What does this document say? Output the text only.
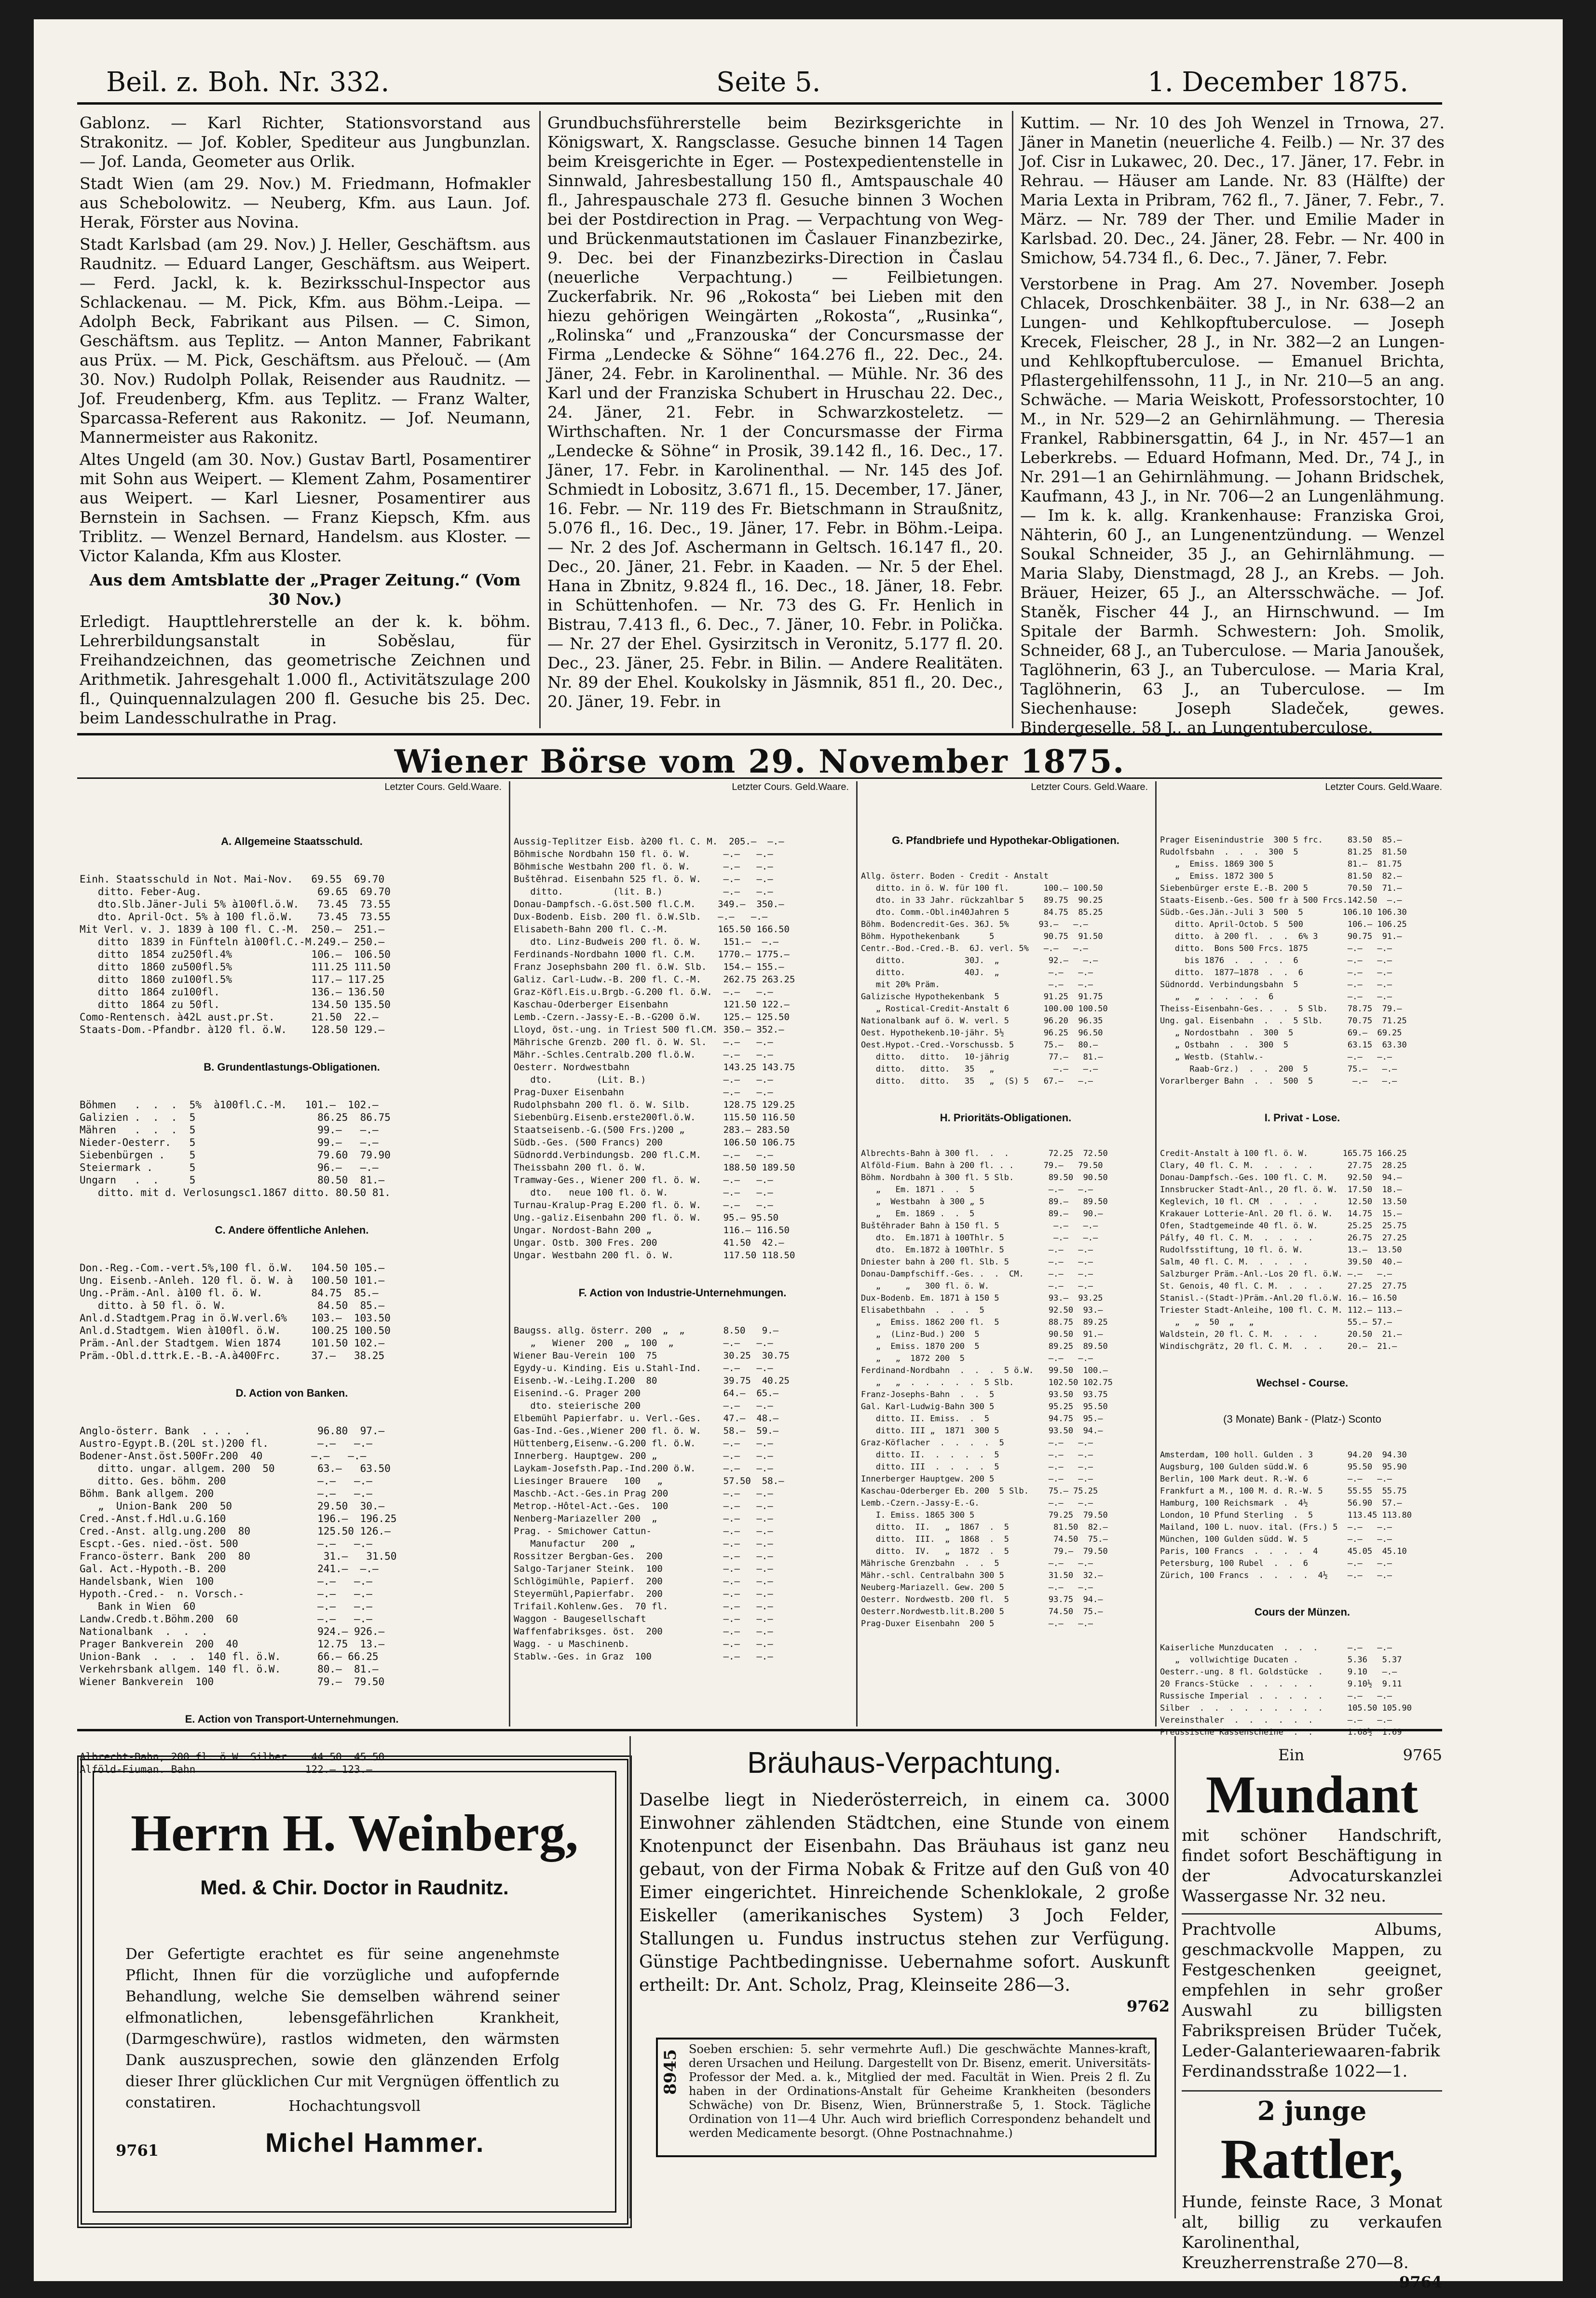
Beil. z. Boh. Nr. 332.	Seite 5.	1. December 1875.

Gablonz. — Karl Richter, Stationsvorstand aus Strakonitz. — Jof. Kobler, Spediteur aus Jungbunzlan. — Jof. Landa, Geometer aus Orlik.

Stadt Wien (am 29. Nov.) M. Friedmann, Hofmakler aus Schebolowitz. — Neuberg, Kfm. aus Laun. Jof. Herak, Förster aus Novina.

Stadt Karlsbad (am 29. Nov.) J. Heller, Geschäftsm. aus Raudnitz. — Eduard Langer, Geschäftsm. aus Weipert. — Ferd. Jackl, k. k. Bezirksschul-Inspector aus Schlackenau. — M. Pick, Kfm. aus Böhm.-Leipa. — Adolph Beck, Fabrikant aus Pilsen. — C. Simon, Geschäftsm. aus Teplitz. — Anton Manner, Fabrikant aus Prüx. — M. Pick, Geschäftsm. aus Přelouč. — (Am 30. Nov.) Rudolph Pollak, Reisender aus Raudnitz. — Jof. Freudenberg, Kfm. aus Teplitz. — Franz Walter, Sparcassa-Referent aus Rakonitz. — Jof. Neumann, Mannermeister aus Rakonitz.

Altes Ungeld (am 30. Nov.) Gustav Bartl, Posamentirer mit Sohn aus Weipert. — Klement Zahm, Posamentirer aus Weipert. — Karl Liesner, Posamentirer aus Bernstein in Sachsen. — Franz Kiepsch, Kfm. aus Triblitz. — Wenzel Bernard, Handelsm. aus Kloster. — Victor Kalanda, Kfm aus Kloster.

Aus dem Amtsblatte der „Prager Zeitung.“ (Vom 30 Nov.)

Erledigt. Haupttlehrerstelle an der k. k. böhm. Lehrerbildungsanstalt in Soběslau, für Freihandzeichnen, das geometrische Zeichnen und Arithmetik. Jahresgehalt 1.000 fl., Activitätszulage 200 fl., Quinquennalzulagen 200 fl. Gesuche bis 25. Dec. beim Landesschulrathe in Prag.

Grundbuchsführerstelle beim Bezirksgerichte in Königswart, X. Rangsclasse. Gesuche binnen 14 Tagen beim Kreisgerichte in Eger. — Postexpedientenstelle in Sinnwald, Jahresbestallung 150 fl., Amtspauschale 40 fl., Jahrespauschale 273 fl. Gesuche binnen 3 Wochen bei der Postdirection in Prag. — Verpachtung von Weg- und Brückenmautstationen im Časlauer Finanzbezirke, 9. Dec. bei der Finanzbezirks-Direction in Časlau (neuerliche Verpachtung.) — Feilbietungen. Zuckerfabrik. Nr. 96 „Rokosta“ bei Lieben mit den hiezu gehörigen Weingärten „Rokosta“, „Rusinka“, „Rolinska“ und „Franzouska“ der Concursmasse der Firma „Lendecke & Söhne“ 164.276 fl., 22. Dec., 24. Jäner, 24. Febr. in Karolinenthal. — Mühle. Nr. 36 des Karl und der Franziska Schubert in Hruschau 22. Dec., 24. Jäner, 21. Febr. in Schwarzkosteletz. — Wirthschaften. Nr. 1 der Concursmasse der Firma „Lendecke & Söhne“ in Prosik, 39.142 fl., 16. Dec., 17. Jäner, 17. Febr. in Karolinenthal. — Nr. 145 des Jof. Schmiedt in Lobositz, 3.671 fl., 15. December, 17. Jäner, 16. Febr. — Nr. 119 des Fr. Bietschmann in Straußnitz, 5.076 fl., 16. Dec., 19. Jäner, 17. Febr. in Böhm.-Leipa. — Nr. 2 des Jof. Aschermann in Geltsch. 16.147 fl., 20. Dec., 20. Jäner, 21. Febr. in Kaaden. — Nr. 5 der Ehel. Hana in Zbnitz, 9.824 fl., 16. Dec., 18. Jäner, 18. Febr. in Schüttenhofen. — Nr. 73 des G. Fr. Henlich in Bistrau, 7.413 fl., 6. Dec., 7. Jäner, 10. Febr. in Polička. — Nr. 27 der Ehel. Gysirzitsch in Veronitz, 5.177 fl. 20. Dec., 23. Jäner, 25. Febr. in Bilin. — Andere Realitäten. Nr. 89 der Ehel. Koukolsky in Jäsmnik, 851 fl., 20. Dec., 20. Jäner, 19. Febr. in

Kuttim. — Nr. 10 des Joh Wenzel in Trnowa, 27. Jäner in Manetin (neuerliche 4. Feilb.) — Nr. 37 des Jof. Cisr in Lukawec, 20. Dec., 17. Jäner, 17. Febr. in Rehrau. — Häuser am Lande. Nr. 83 (Hälfte) der Maria Lexta in Pribram, 762 fl., 7. Jäner, 7. Febr., 7. März. — Nr. 789 der Ther. und Emilie Mader in Karlsbad. 20. Dec., 24. Jäner, 28. Febr. — Nr. 400 in Smichow, 54.734 fl., 6. Dec., 7. Jäner, 7. Febr.

Verstorbene in Prag. Am 27. November. Joseph Chlacek, Droschkenbäiter. 38 J., in Nr. 638—2 an Lungen- und Kehlkopftuberculose. — Joseph Krecek, Fleischer, 28 J., in Nr. 382—2 an Lungen- und Kehlkopftuberculose. — Emanuel Brichta, Pflastergehilfenssohn, 11 J., in Nr. 210—5 an ang. Schwäche. — Maria Weiskott, Professorstochter, 10 M., in Nr. 529—2 an Gehirnlähmung. — Theresia Frankel, Rabbinersgattin, 64 J., in Nr. 457—1 an Leberkrebs. — Eduard Hofmann, Med. Dr., 74 J., in Nr. 291—1 an Gehirnlähmung. — Johann Bridschek, Kaufmann, 43 J., in Nr. 706—2 an Lungenlähmung. — Im k. k. allg. Krankenhause: Franziska Groi, Nähterin, 60 J., an Lungenentzündung. — Wenzel Soukal Schneider, 35 J., an Gehirnlähmung. — Maria Slaby, Dienstmagd, 28 J., an Krebs. — Joh. Bräuer, Heizer, 65 J., an Altersschwäche. — Jof. Staněk, Fischer 44 J., an Hirnschwund. — Im Spitale der Barmh. Schwestern: Joh. Smolik, Schneider, 68 J., an Tuberculose. — Maria Janoušek, Taglöhnerin, 63 J., an Tuberculose. — Maria Kral, Taglöhnerin, 63 J., an Tuberculose. — Im Siechenhause: Joseph Sladeček, gewes. Bindergeselle, 58 J., an Lungentuberculose.

Wiener Börse vom 29. November 1875.
Letzter Cours. Geld.Waare.

A. Allgemeine Staatsschuld.

Einh. Staatsschuld in Not. Mai-Nov.   69.55  69.70
ditto. Feber-Aug.                   69.65  69.70
dto.Slb.Jäner-Juli 5% à100fl.ö.W.   73.45  73.55
dto. April-Oct. 5% à 100 fl.ö.W.    73.45  73.55
Mit Verl. v. J. 1839 à 100 fl. C.-M.  250.—  251.—
ditto  1839 in Fünfteln à100fl.C.-M.249.— 250.—
ditto  1854 zu250fl.4%             106.—  106.50
ditto  1860 zu500fl.5%             111.25 111.50
ditto  1860 zu100fl.5%             117.— 117.25
ditto  1864 zu100fl.               136.— 136.50
ditto  1864 zu 50fl.               134.50 135.50
Como-Rentensch. à42L aust.pr.St.      21.50  22.—
Staats-Dom.-Pfandbr. à120 fl. ö.W.    128.50 129.—

B. Grundentlastungs-Obligationen.

Böhmen   .  .  .  5%  à100fl.C.-M.   101.—  102.—
Galizien .  .  .  5                    86.25  86.75
Mähren   .  .  .  5                    99.—   —.—
Nieder-Oesterr.   5                    99.—   —.—
Siebenbürgen .    5                    79.60  79.90
Steiermark .      5                    96.—   —.—
Ungarn   .  .     5                    80.50  81.—
ditto. mit d. Verlosungsc1.1867 ditto. 80.50 81.

C. Andere öffentliche Anlehen.

Don.-Reg.-Com.-vert.5%,100 fl. ö.W.   104.50 105.—
Ung. Eisenb.-Anleh. 120 fl. ö. W. à   100.50 101.—
Ung.-Präm.-Anl. à100 fl. ö. W.        84.75  85.—
ditto. à 50 fl. ö. W.               84.50  85.—
Anl.d.Stadtgem.Prag in ö.W.verl.6%    103.—  103.50
Anl.d.Stadtgem. Wien à100fl. ö.W.     100.25 100.50
Präm.-Anl.der Stadtgem. Wien 1874     101.50 102.—
Präm.-Obl.d.ttrk.E.-B.-A.à400Frc.     37.—   38.25

D. Action von Banken.

Anglo-österr. Bank  . . .  .           96.80  97.—
Austro-Egypt.B.(20L st.)200 fl.        —.—   —.—
Bodener-Anst.öst.500Fr.200  40        —.—   —.—
ditto. ungar. allgem. 200  50       63.—   63.50
ditto. Ges. böhm. 200               —.—   —.—
Böhm. Bank allgem. 200                 —.—   —.—
„  Union-Bank  200  50              29.50  30.—
Cred.-Anst.f.Hdl.u.G.160               196.—  196.25
Cred.-Anst. allg.ung.200  80           125.50 126.—
Escpt.-Ges. nied.-öst. 500             —.—   —.—
Franco-österr. Bank  200  80            31.—   31.50
Gal. Act.-Hypoth.-B. 200               241.—  —.—
Handelsbank, Wien  100                 —.—   —.—
Hypoth.-Cred.-  n. Vorsch.-            —.—   —.—
Bank in Wien  60                    —.—   —.—
Landw.Credb.t.Böhm.200  60             —.—   —.—
Nationalbank  .  .  .                  924.— 926.—
Prager Bankverein  200  40             12.75  13.—
Union-Bank  .  .  .  140 fl. ö.W.      66.— 66.25
Verkehrsbank allgem. 140 fl. ö.W.      80.—  81.—
Wiener Bankverein  100                 79.—  79.50

E. Action von Transport-Unternehmungen.

Albrecht-Bahn, 200 fl. ö.W. Silber    44.50  45.50
Alföld-Fiuman. Bahn                  122.— 123.—

Letzter Cours. Geld.Waare.

Aussig-Teplitzer Eisb. à200 fl. C. M.  205.—  —.—
Böhmische Nordbahn 150 fl. ö. W.      —.—   —.—
Böhmische Westbahn 200 fl. ö. W.      —.—   —.—
Buštěhrad. Eisenbahn 525 fl. ö. W.    —.—   —.—
ditto.         (lit. B.)           —.—   —.—
Donau-Dampfsch.-G.öst.500 fl.C.M.    349.—  350.—
Dux-Bodenb. Eisb. 200 fl. ö.W.Slb.   —.—   —.—
Elisabeth-Bahn 200 fl. C.-M.         165.50 166.50
dto. Linz-Budweis 200 fl. ö. W.    151.—  —.—
Ferdinands-Nordbahn 1000 fl. C.M.    1770.— 1775.—
Franz Josephsbahn 200 fl. ö.W. Slb.   154.— 155.—
Galiz. Carl-Ludw.-B. 200 fl. C.-M.    262.75 263.25
Graz-Köfl.Eis.u.Brgb.-G.200 fl. ö.W.  —.—   —.—
Kaschau-Oderberger Eisenbahn          121.50 122.—
Lemb.-Czern.-Jassy-E.-B.-G200 ö.W.    125.— 125.50
Lloyd, öst.-ung. in Triest 500 fl.CM. 350.— 352.—
Mährische Grenzb. 200 fl. ö. W. Sl.   —.—   —.—
Mähr.-Schles.Centralb.200 fl.ö.W.     —.—   —.—
Oesterr. Nordwestbahn                 143.25 143.75
dto.        (Lit. B.)              —.—   —.—
Prag-Duxer Eisenbahn                  —.—   —.—
Rudolphsbahn 200 fl. ö. W. Silb.      128.75 129.25
Siebenbürg.Eisenb.erste200fl.ö.W.     115.50 116.50
Staatseisenb.-G.(500 Frs.)200 „       283.— 283.50
Südb.-Ges. (500 Francs) 200           106.50 106.75
Südnordd.Verbindungsb. 200 fl.C.M.    —.—   —.—
Theissbahn 200 fl. ö. W.              188.50 189.50
Tramway-Ges., Wiener 200 fl. ö. W.    —.—   —.—
dto.   neue 100 fl. ö. W.          —.—   —.—
Turnau-Kralup-Prag E.200 fl. ö. W.    —.—   —.—
Ung.-galiz.Eisenbahn 200 fl. ö. W.    95.— 95.50
Ungar. Nordost-Bahn 200 „             116.— 116.50
Ungar. Ostb. 300 Fres. 200            41.50  42.—
Ungar. Westbahn 200 fl. ö. W.         117.50 118.50

F. Action von Industrie-Unternehmungen.

Baugss. allg. österr. 200  „  „       8.50   9.—
„   Wiener  200  „  100  „         —.—   —.—
Wiener Bau-Verein  100  75            30.25  30.75
Egydy-u. Kinding. Eis u.Stahl-Ind.    —.—   —.—
Eisenb.-W.-Leihg.I.200  80            39.75  40.25
Eisenind.-G. Prager 200               64.—  65.—
dto. steierische 200               —.—   —.—
Elbemühl Papierfabr. u. Verl.-Ges.    47.—  48.—
Gas-Ind.-Ges.,Wiener 200 fl. ö. W.    58.—  59.—
Hüttenberg,Eisenw.-G.200 fl. ö.W.     —.—   —.—
Innerberg. Hauptgew. 200 „            —.—   —.—
Laykam-Josefsth.Pap.-Ind.200 ö.W.     —.—   —.—
Liesinger Brauere   100   „           57.50  58.—
Maschb.-Act.-Ges.in Prag 200          —.—   —.—
Metrop.-Hôtel-Act.-Ges.  100          —.—   —.—
Nenberg-Mariazeller 200  „            —.—   —.—
Prag. - Smichower Cattun-             —.—   —.—
Manufactur   200  „                —.—   —.—
Rossitzer Bergban-Ges.  200           —.—   —.—
Salgo-Tarjaner Steink.  100           —.—   —.—
Schlögimühle, Papierf.  200           —.—   —.—
Steyermühl,Papierfabr.  200           —.—   —.—
Trifail.Kohlenw.Ges.  70 fl.          —.—   —.—
Waggon - Baugesellschaft              —.—   —.—
Waffenfabriksges. öst.  200           —.—   —.—
Wagg. - u Maschinenb.                 —.—   —.—
Stablw.-Ges. in Graz  100             —.—   —.—

Letzter Cours. Geld.Waare.

G. Pfandbriefe und Hypothekar-Obligationen.

Allg. österr. Boden - Credit - Anstalt
ditto. in ö. W. für 100 fl.       100.— 100.50
dto. in 33 Jahr. rückzahlbar 5    89.75  90.25
dto. Comm.-Obl.in40Jahren 5       84.75  85.25
Böhm. Bodencredit-Ges. 36J. 5%      93.—   —.—
Böhm. Hypothekenbank      5          90.75  91.50
Centr.-Bod.-Cred.-B.  6J. verl. 5%   —.—   —.—
ditto.            30J.  „          92.—   —.—
ditto.            40J.  „          —.—   —.—
mit 20% Präm.                      —.—   —.—
Galizische Hypothekenbank  5         91.25  91.75
„ Rostical-Credit-Anstalt 6       100.00 100.50
Nationalbank auf ö. W. verl. 5       96.20  96.35
Oest. Hypothekenb.10-jähr. 5½        96.25  96.50
Oest.Hypot.-Cred.-Vorschussb. 5      75.—   80.—
ditto.   ditto.   10-jährig        77.—   81.—
ditto.   ditto.   35   „            —.—   —.—
ditto.   ditto.   35   „  (S) 5   67.—   —.—

H. Prioritäts-Obligationen.

Albrechts-Bahn à 300 fl.  .  .        72.25  72.50
Alföld-Fium. Bahn à 200 fl. . .      79.—   79.50
Böhm. Nordbahn à 300 fl. 5 Slb.       89.50  90.50
„   Em. 1871 .  .  5               —.—   —.—
„  Westbahn  à 300 „ 5             89.—   89.50
„   Em. 1869 .  .  5               89.—   90.—
Buštěhrader Bahn à 150 fl. 5           —.—   —.—
dto.  Em.1871 à 100Thlr. 5          —.—   —.—
dto.  Em.1872 à 100Thlr. 5         —.—   —.—
Dniester bahn à 200 fl. Slb. 5        —.—   —.—
Donau-Dampfschiff.-Ges. .  .  CM.     —.—   —.—
„     „   300 fl. ö. W.            —.—   —.—
Dux-Bodenb. Em. 1871 à 150 5          93.—  93.25
Elisabethbahn  .  .  .  5             92.50  93.—
„  Emiss. 1862 200 fl.  5          88.75  89.25
„  (Linz-Bud.) 200  5              90.50  91.—
„  Emiss. 1870 200  5              89.25  89.50
„   „  1872 200  5                 —.—   —.—
Ferdinand-Nordbahn  .  .  .  5 ö.W.   99.50  100.—
„   „  .  .  .  .  .  5 Slb.       102.50 102.75
Franz-Josephs-Bahn  .  .  5           93.50  93.75
Gal. Karl-Ludwig-Bahn 300 5           95.25  95.50
ditto. II. Emiss.  .  5            94.75  95.—
ditto. III „  1871  300 5          93.50  94.—
Graz-Köflacher  .  .  .  .  5         —.—   —.—
ditto. II.  .  .  .  .  5          —.—   —.—
ditto. III  .  .  .  .  5          —.—   —.—
Innerberger Hauptgew. 200 5           —.—   —.—
Kaschau-Oderberger Eb. 200  5 Slb.    75.— 75.25
Lemb.-Czern.-Jassy-E.-G.              —.—   —.—
I. Emiss. 1865 300 5               79.25  79.50
ditto.  II.   „  1867  .  5         81.50  82.—
ditto.  III.  „  1868  .  5         74.50  75.—
ditto.  IV.   „  1872  .  5         79.—  79.50
Mährische Grenzbahn  .  .  5          —.—   —.—
Mähr.-schl. Centralbahn 300 5         31.50  32.—
Neuberg-Mariazell. Gew. 200 5         —.—   —.—
Oesterr. Nordwestb. 200 fl.  5        93.75  94.—
Oesterr.Nordwestb.lit.B.200 5         74.50  75.—
Prag-Duxer Eisenbahn  200 5           —.—   —.—

Letzter Cours. Geld.Waare.

Prager Eisenindustrie  300 5 frc.     83.50  85.—
Rudolfsbahn  .  .  .  300  5          81.25  81.50
„  Emiss. 1869 300 5               81.—  81.75
„  Emiss. 1872 300 5               81.50  82.—
Siebenbürger erste E.-B. 200 5        70.50  71.—
Staats-Eisenb.-Ges. 500 fr à 500 Frcs.142.50  —.—
Südb.-Ges.Jän.-Juli 3  500  5        106.10 106.30
ditto. April-Octob. 5  500         106.— 106.25
ditto.  à 200 fl.  .  .  6% 3      90.75  91.—
ditto.  Bons 500 Frcs. 1875        —.—   —.—
bis 1876  .  .  .  .  6          —.—   —.—
ditto.  1877—1878  .  .  6         —.—   —.—
Südnordd. Verbindungsbahn  5          —.—   —.—
„   „  .  .  .  .  6               —.—   —.—
Theiss-Eisenbahn-Ges. .  .  5 Slb.    78.75  79.—
Ung. gal. Eisenbahn  .  .  5 Slb.     70.75  71.25
„ Nordostbahn  .  300  5           69.—  69.25
„ Ostbahn  .  .  300  5            63.15  63.30
„ Westb. (Stahlw.-                 —.—   —.—
Raab-Grz.)  .  .  200  5        75.—   —.—
Vorarlberger Bahn  .  .  500  5        —.—   —.—

I. Privat - Lose.

Credit-Anstalt à 100 fl. ö. W.       165.75 166.25
Clary, 40 fl. C. M.  .  .  .  .       27.75  28.25
Donau-Dampfsch.-Ges. 100 fl. C. M.    92.50  94.—
Innsbrucker Stadt-Anl., 20 fl. ö. W.  17.50  18.—
Keglevich, 10 fl. CM  .  .  .  .      12.50  13.50
Krakauer Lotterie-Anl. 20 fl. ö. W.   14.75  15.—
Ofen, Stadtgemeinde 40 fl. ö. W.      25.25  25.75
Pálfy, 40 fl. C. M.  .  .  .  .       26.75  27.25
Rudolfsstiftung, 10 fl. ö. W.         13.—  13.50
Salm, 40 fl. C. M.  .  .  .  .        39.50  40.—
Salzburger Präm.-Anl.-Los 20 fl. ö.W. —.—   —.—
St. Genois, 40 fl. C. M.  .  .  .     27.25  27.75
Stanisl.-(Stadt-)Präm.-Anl.20 fl.ö.W. 16.— 16.50
Triester Stadt-Anleihe, 100 fl. C. M. 112.— 113.—
„   „  50  „   „                   55.— 57.—
Waldstein, 20 fl. C. M.  .  .  .      20.50  21.—
Windischgrätz, 20 fl. C. M.  .  .     20.—  21.—

Wechsel - Course.

(3 Monate) Bank - (Platz-) Sconto

Amsterdam, 100 holl. Gulden . 3       94.20  94.30
Augsburg, 100 Gulden südd.W. 6        95.50  95.90
Berlin, 100 Mark deut. R.-W. 6        —.—   —.—
Frankfurt a M., 100 M. d. R.-W. 5     55.55  55.75
Hamburg, 100 Reichsmark  .  4½        56.90  57.—
London, 10 Pfund Sterling  .  5       113.45 113.80
Mailand, 100 L. nuov. ital. (Frs.) 5  —.—   —.—
München, 100 Gulden südd. W. 5        —.—   —.—
Paris, 100 Francs  .  .  .  .  4      45.05  45.10
Petersburg, 100 Rubel  .  .  6        —.—   —.—
Zürich, 100 Francs  .  .  .  .  4½    —.—   —.—

Cours der Münzen.

Kaiserliche Munzducaten  .  .  .      —.—   —.—
„  vollwichtige Ducaten .          5.36   5.37
Oesterr.-ung. 8 fl. Goldstücke  .     9.10   —.—
20 Francs-Stücke  .  .  .  .  .       9.10½  9.11
Russische Imperial  .  .  .  .  .     —.—   —.—
Silber  .  .  .  .  .  .  .  .  .     105.50 105.90
Vereinsthaler  .  .  .  .  .  .       —.—   —.—
Preussische Kassenscheine  .  .       1.68½  1.69

Herrn H. Weinberg,
Med. & Chir. Doctor in Raudnitz.
Der Gefertigte erachtet es für seine angenehmste Pflicht, Ihnen für die vorzügliche und aufopfernde Behandlung, welche Sie demselben während seiner elfmonatlichen, lebensgefährlichen Krankheit, (Darmgeschwüre), rastlos widmeten, den wärmsten Dank auszusprechen, sowie den glänzenden Erfolg dieser Ihrer glücklichen Cur mit Vergnügen öffentlich zu constatiren.	Hochachtungsvoll
9761	Michel Hammer.
Bräuhaus-Verpachtung.
Daselbe liegt in Niederösterreich, in einem ca. 3000 Einwohner zählenden Städtchen, eine Stunde von einem Knotenpunct der Eisenbahn. Das Bräuhaus ist ganz neu gebaut, von der Firma Nobak & Fritze auf den Guß von 40 Eimer eingerichtet. Hinreichende Schenklokale, 2 große Eiskeller (amerikanisches System) 3 Joch Felder, Stallungen u. Fundus instructus stehen zur Verfügung. Günstige Pachtbedingnisse. Uebernahme sofort. Auskunft ertheilt: Dr. Ant. Scholz, Prag, Kleinseite 286—3.
9762
8945 Soeben erschien: 5. sehr vermehrte Aufl.) Die geschwächte Mannes-kraft, deren Ursachen und Heilung. Dargestellt von Dr. Bisenz, emerit. Universitäts-Professor der Med. a. k., Mitglied der med. Facultät in Wien. Preis 2 fl. Zu haben in der Ordinations-Anstalt für Geheime Krankheiten (besonders Schwäche) von Dr. Bisenz, Wien, Brünnerstraße 5, 1. Stock. Tägliche Ordination von 11—4 Uhr. Auch wird brieflich Correspondenz behandelt und werden Medicamente besorgt. (Ohne Postnachnahme.)
Ein	9765
Mundant
mit schöner Handschrift, findet sofort Beschäftigung in der Advocaturskanzlei Wassergasse Nr. 32 neu.
Prachtvolle Albums, geschmackvolle Mappen, zu Festgeschenken geeignet, empfehlen in sehr großer Auswahl zu billigsten Fabrikspreisen Brüder Tuček, Leder-Galanteriewaaren-fabrik Ferdinandsstraße 1022—1.
2 junge
Rattler,
Hunde, feinste Race, 3 Monat alt, billig zu verkaufen Karolinenthal, Kreuzherrenstraße 270—8.
9764
